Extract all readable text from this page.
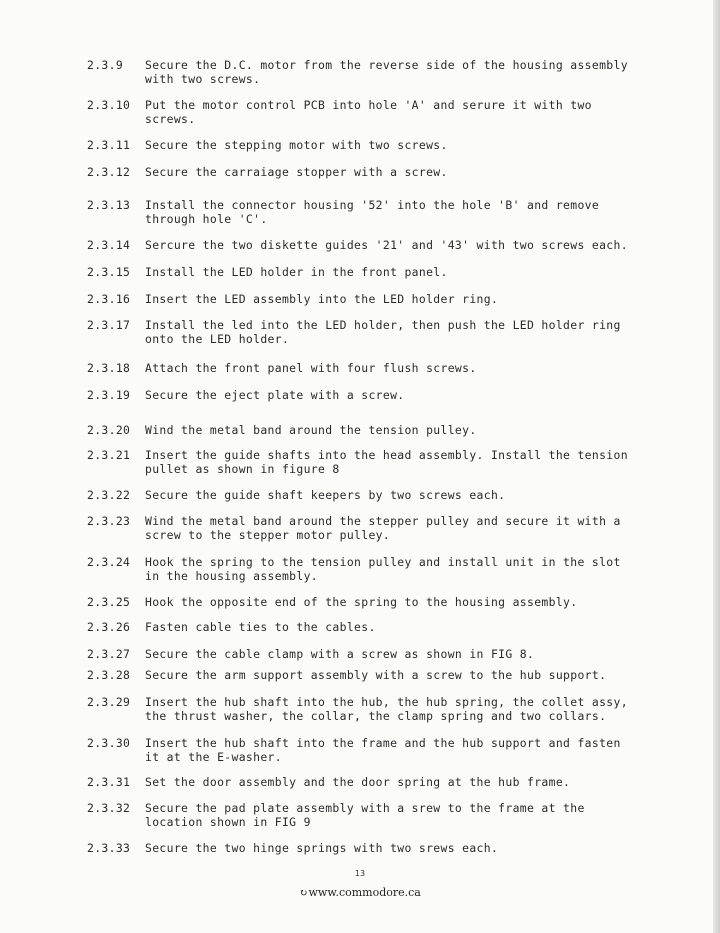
2.3.9	Secure the D.C. motor from the reverse side of the housing assembly
with two screws.
2.3.10	Put the motor control PCB into hole 'A' and serure it with two
screws.
2.3.11	Secure the stepping motor with two screws.
2.3.12	Secure the carraiage stopper with a screw.
2.3.13	Install the connector housing '52' into the hole 'B' and remove
through hole 'C'.
2.3.14	Sercure the two diskette guides '21' and '43' with two screws each.
2.3.15	Install the LED holder in the front panel.
2.3.16	Insert the LED assembly into the LED holder ring.
2.3.17	Install the led into the LED holder, then push the LED holder ring
onto the LED holder.
2.3.18	Attach the front panel with four flush screws.
2.3.19	Secure the eject plate with a screw.
2.3.20	Wind the metal band around the tension pulley.
2.3.21	Insert the guide shafts into the head assembly. Install the tension
pullet as shown in figure 8
2.3.22	Secure the guide shaft keepers by two screws each.
2.3.23	Wind the metal band around the stepper pulley and secure it with a
screw to the stepper motor pulley.
2.3.24	Hook the spring to the tension pulley and install unit in the slot
in the housing assembly.
2.3.25	Hook the opposite end of the spring to the housing assembly.
2.3.26	Fasten cable ties to the cables.
2.3.27	Secure the cable clamp with a screw as shown in FIG 8.
2.3.28	Secure the arm support assembly with a screw to the hub support.
2.3.29	Insert the hub shaft into the hub, the hub spring, the collet assy,
the thrust washer, the collar, the clamp spring and two collars.
2.3.30	Insert the hub shaft into the frame and the hub support and fasten
it at the E-washer.
2.3.31	Set the door assembly and the door spring at the hub frame.
2.3.32	Secure the pad plate assembly with a srew to the frame at the
location shown in FIG 9
2.3.33	Secure the two hinge springs with two srews each.
13
↻www.commodore.ca
